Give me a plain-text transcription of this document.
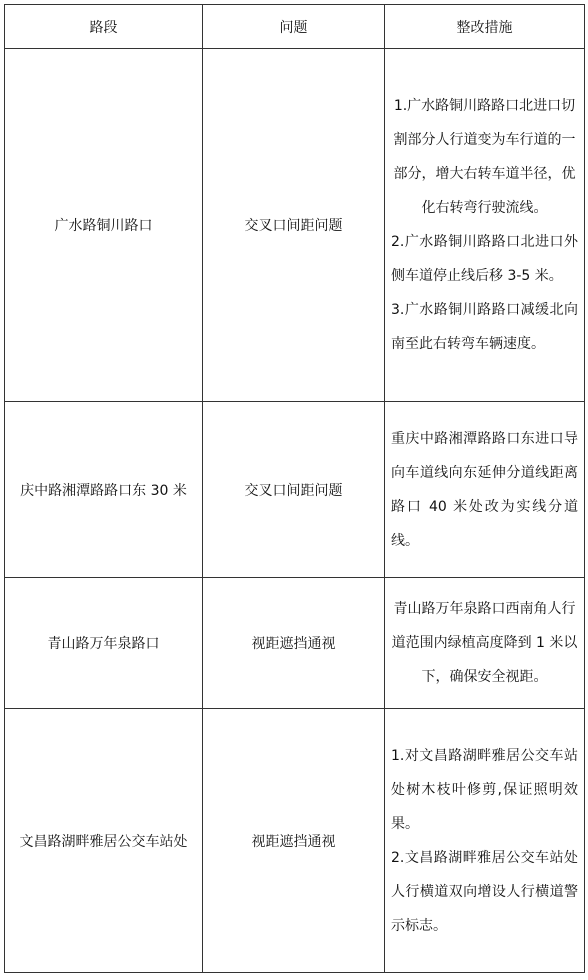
路段	问题	整改措施
广水路铜川路口	交叉口间距问题	1.广水路铜川路路口北进口切割部分人行道变为车行道的一部分，增大右转车道半径，优化右转弯行驶流线。

2.广水路铜川路路口北进口外侧车道停止线后移 3-5 米。

3.广水路铜川路路口减缓北向南至此右转弯车辆速度。

庆中路湘潭路路口东 30 米	交叉口间距问题	重庆中路湘潭路路口东进口导向车道线向东延伸分道线距离路口 40 米处改为实线分道线。

青山路万年泉路口	视距遮挡通视	青山路万年泉路口西南角人行道范围内绿植高度降到 1 米以下，确保安全视距。

文昌路湖畔雅居公交车站处	视距遮挡通视	1.对文昌路湖畔雅居公交车站处树木枝叶修剪,保证照明效果。

2.文昌路湖畔雅居公交车站处人行横道双向增设人行横道警示标志。
